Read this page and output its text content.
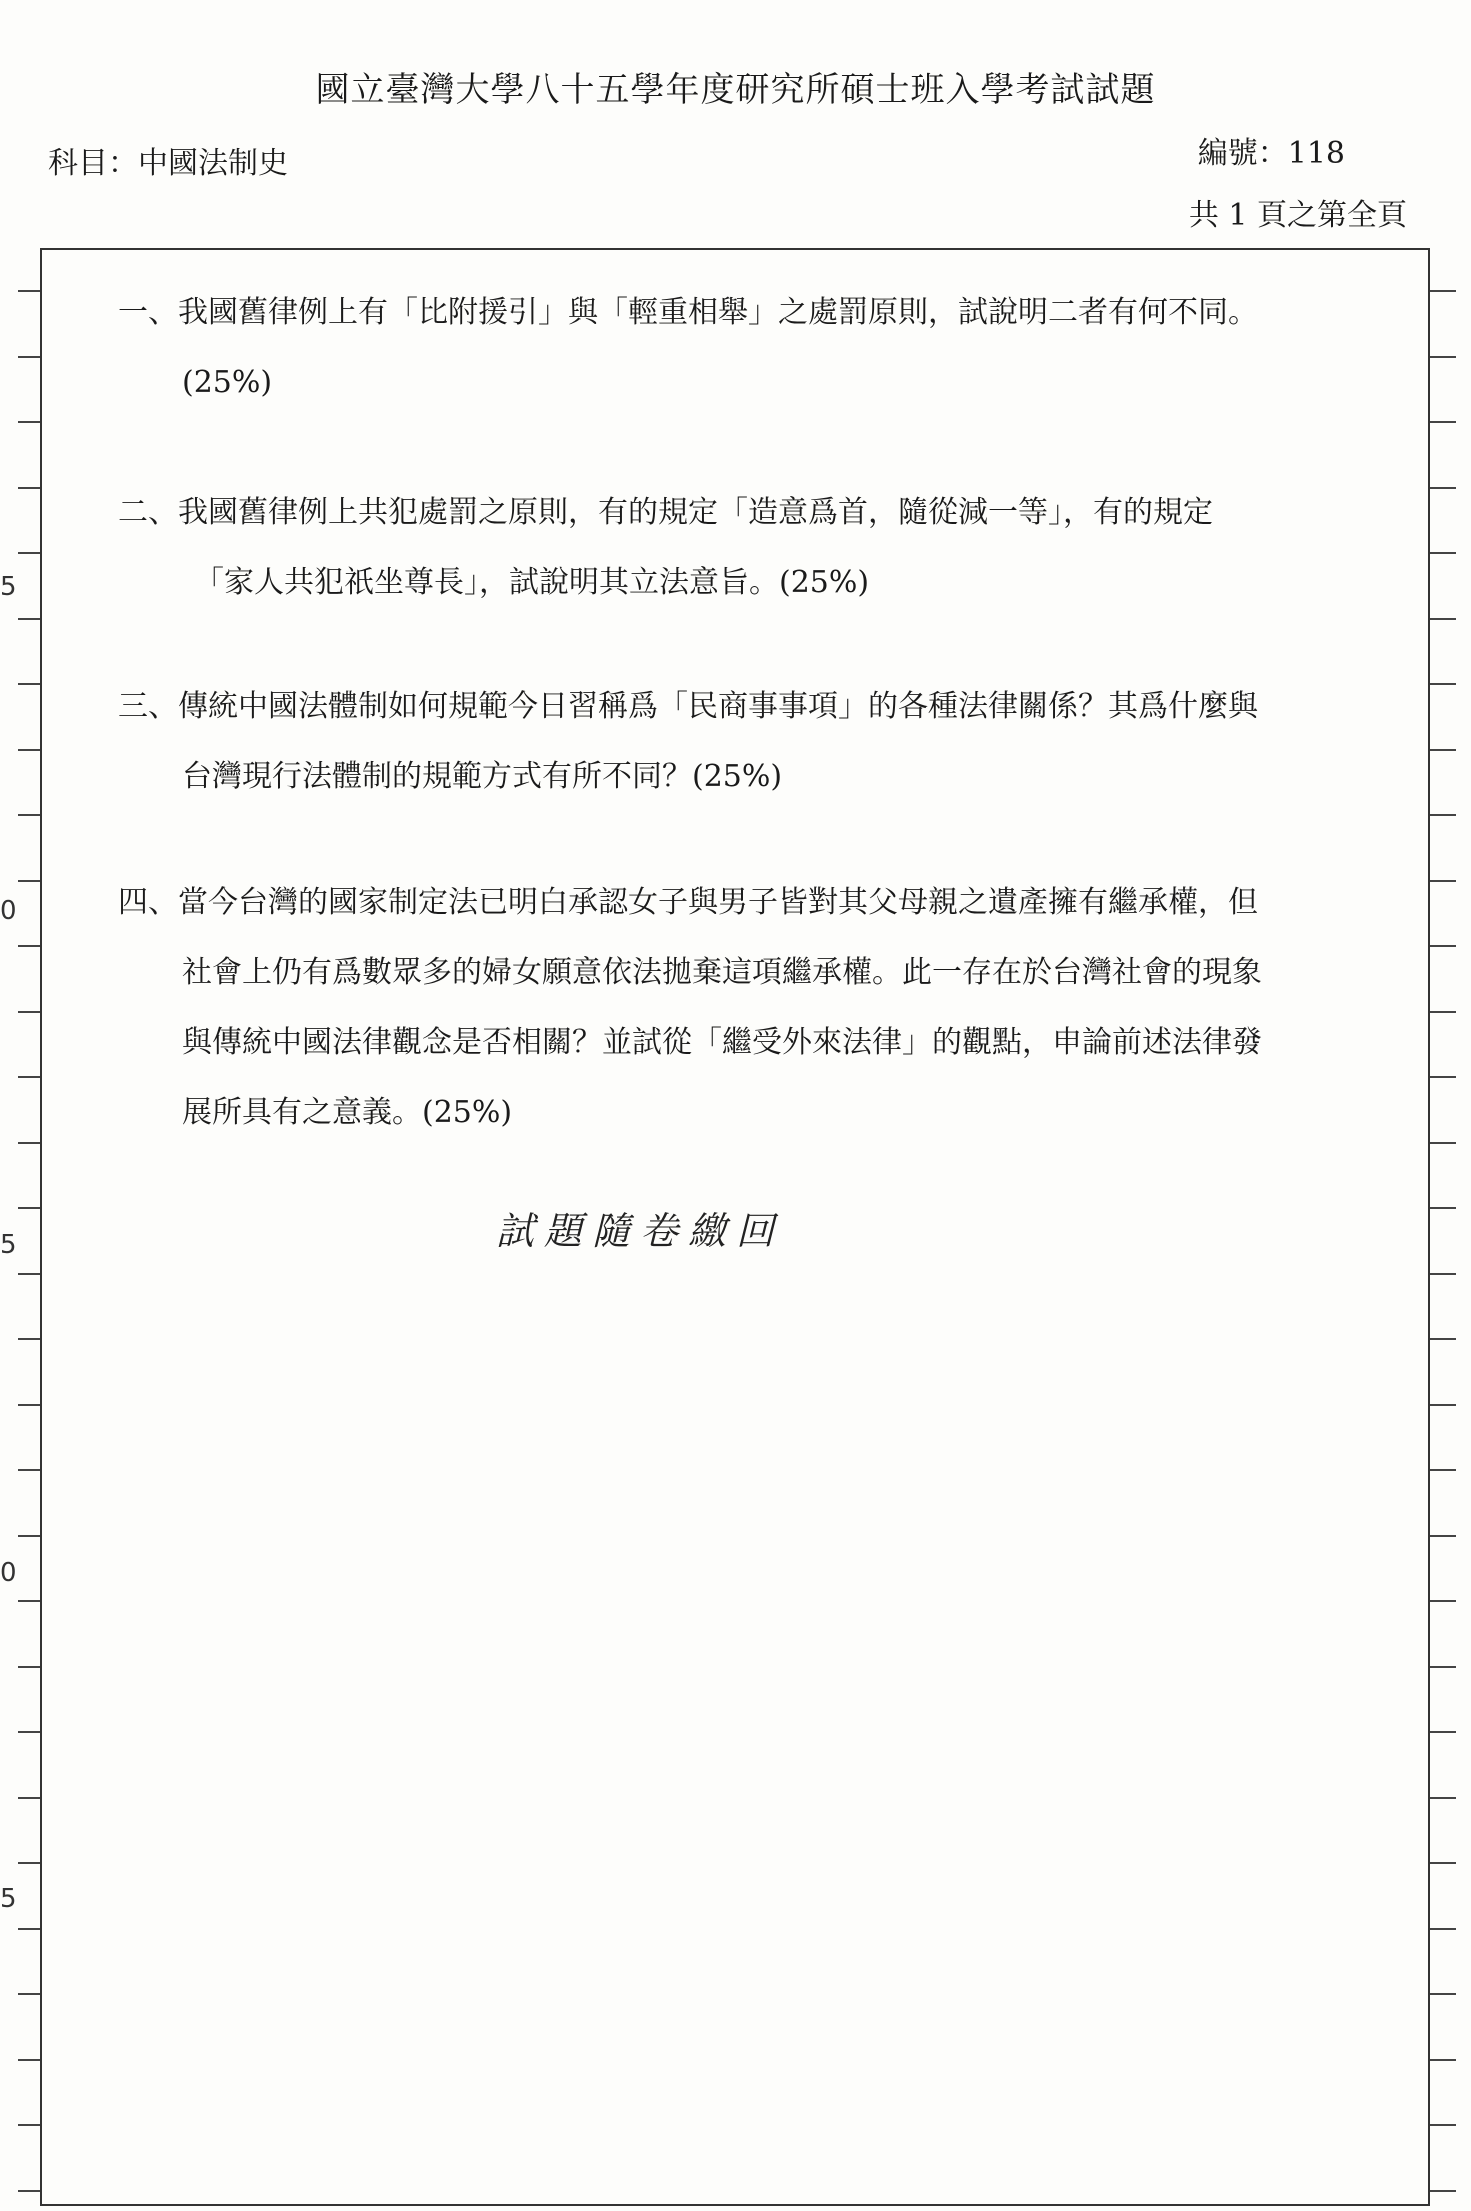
國立臺灣大學八十五學年度研究所碩士班入學考試試題
科目：中國法制史	編號：118
共 1 頁之第全頁
5
0
5
0
5
一、我國舊律例上有「比附援引」與「輕重相舉」之處罰原則，試說明二者有何不同。
(25%)
二、我國舊律例上共犯處罰之原則，有的規定「造意爲首，隨從減一等」，有的規定
「家人共犯祇坐尊長」，試說明其立法意旨。(25%)
三、傳統中國法體制如何規範今日習稱爲「民商事事項」的各種法律關係？其爲什麼與
台灣現行法體制的規範方式有所不同？(25%)
四、當今台灣的國家制定法已明白承認女子與男子皆對其父母親之遺產擁有繼承權，但
社會上仍有爲數眾多的婦女願意依法拋棄這項繼承權。此一存在於台灣社會的現象
與傳統中國法律觀念是否相關？並試從「繼受外來法律」的觀點，申論前述法律發
展所具有之意義。(25%)
試題隨卷繳回
